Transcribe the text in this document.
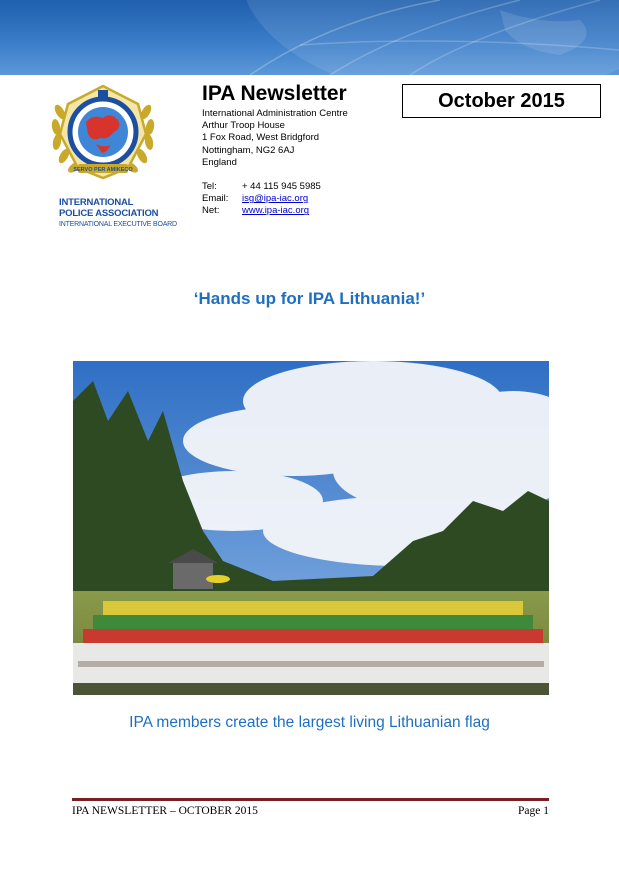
SERVO PER AMIKECO
INTERNATIONAL
POLICE ASSOCIATION
INTERNATIONAL EXECUTIVE BOARD
IPA Newsletter
International Administration Centre
Arthur Troop House
1 Fox Road, West Bridgford
Nottingham, NG2 6AJ
England
Tel:	+ 44 115 945 5985
Email:	isg@ipa-iac.org
Net:	www.ipa-iac.org
October 2015
‘Hands up for IPA Lithuania!’
IPA members create the largest living Lithuanian flag
IPA NEWSLETTER – OCTOBER 2015	Page 1
